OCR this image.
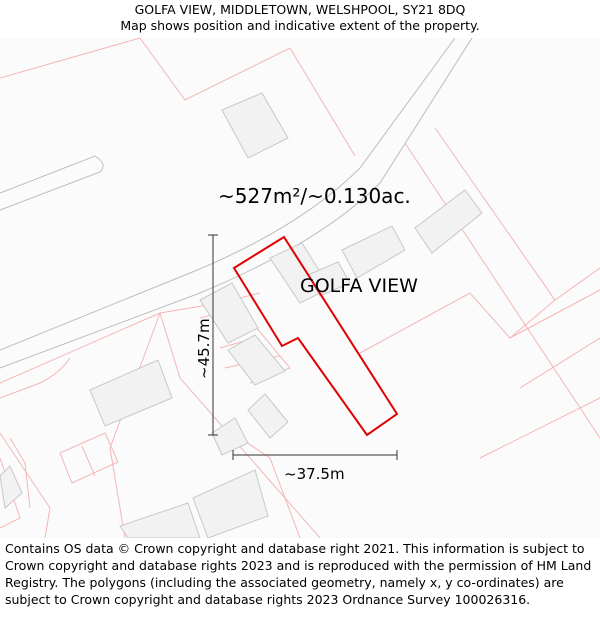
GOLFA VIEW, MIDDLETOWN, WELSHPOOL, SY21 8DQ
Map shows position and indicative extent of the property.
~527m²/~0.130ac.
GOLFA VIEW
~37.5m
~45.7m
Contains OS data © Crown copyright and database right 2021. This information is subject to Crown copyright and database rights 2023 and is reproduced with the permission of HM Land Registry. The polygons (including the associated geometry, namely x, y co-ordinates) are subject to Crown copyright and database rights 2023 Ordnance Survey 100026316.
